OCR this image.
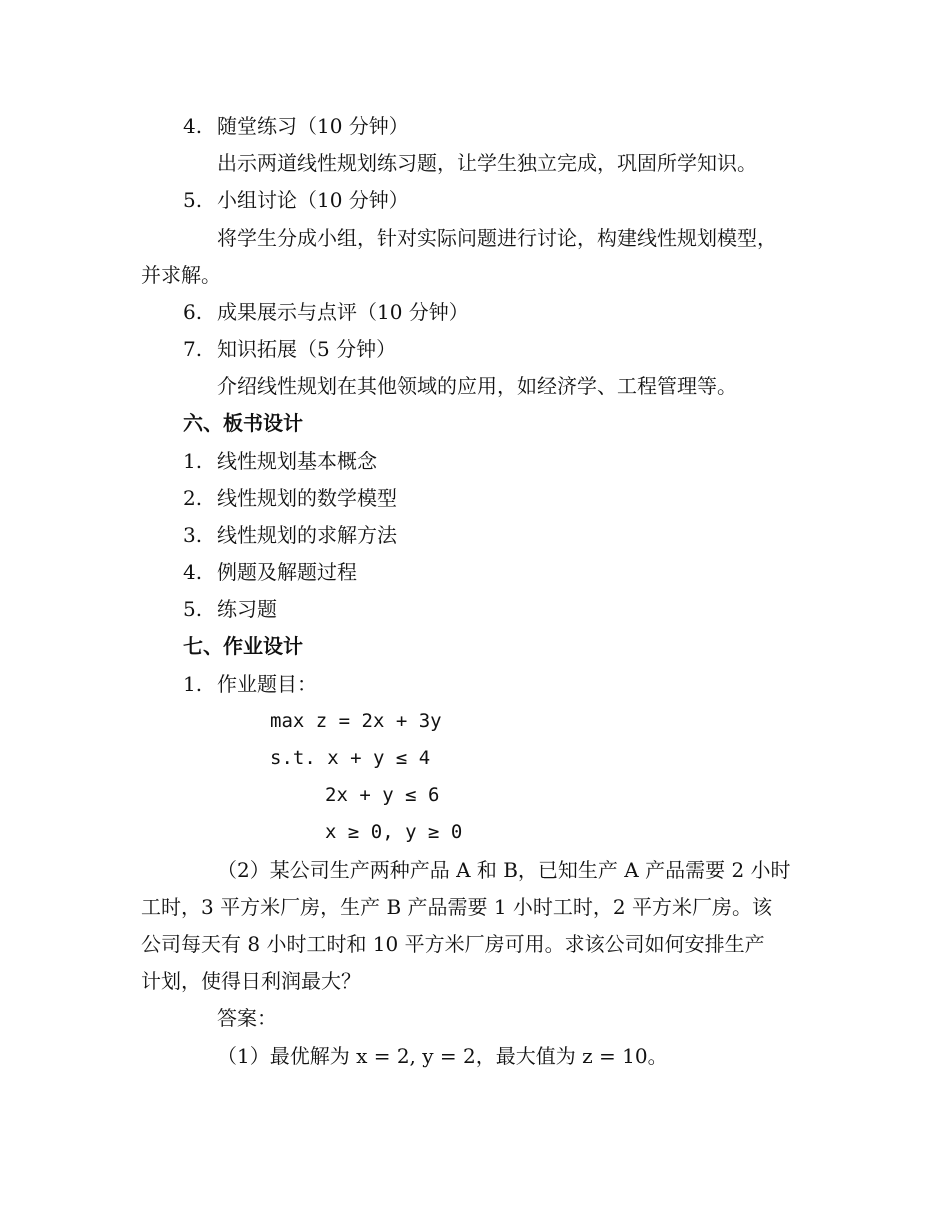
4. 随堂练习（10 分钟）
出示两道线性规划练习题，让学生独立完成，巩固所学知识。
5. 小组讨论（10 分钟）
将学生分成小组，针对实际问题进行讨论，构建线性规划模型，
并求解。
6. 成果展示与点评（10 分钟）
7. 知识拓展（5 分钟）
介绍线性规划在其他领域的应用，如经济学、工程管理等。
六、板书设计
1. 线性规划基本概念
2. 线性规划的数学模型
3. 线性规划的求解方法
4. 例题及解题过程
5. 练习题
七、作业设计
1. 作业题目：
max z = 2x + 3y
s.t. x + y ≤ 4
2x + y ≤ 6
x ≥ 0, y ≥ 0
（2）某公司生产两种产品 A 和 B，已知生产 A 产品需要 2 小时
工时，3 平方米厂房，生产 B 产品需要 1 小时工时，2 平方米厂房。该
公司每天有 8 小时工时和 10 平方米厂房可用。求该公司如何安排生产
计划，使得日利润最大？
答案：
（1）最优解为 x = 2, y = 2，最大值为 z = 10。
